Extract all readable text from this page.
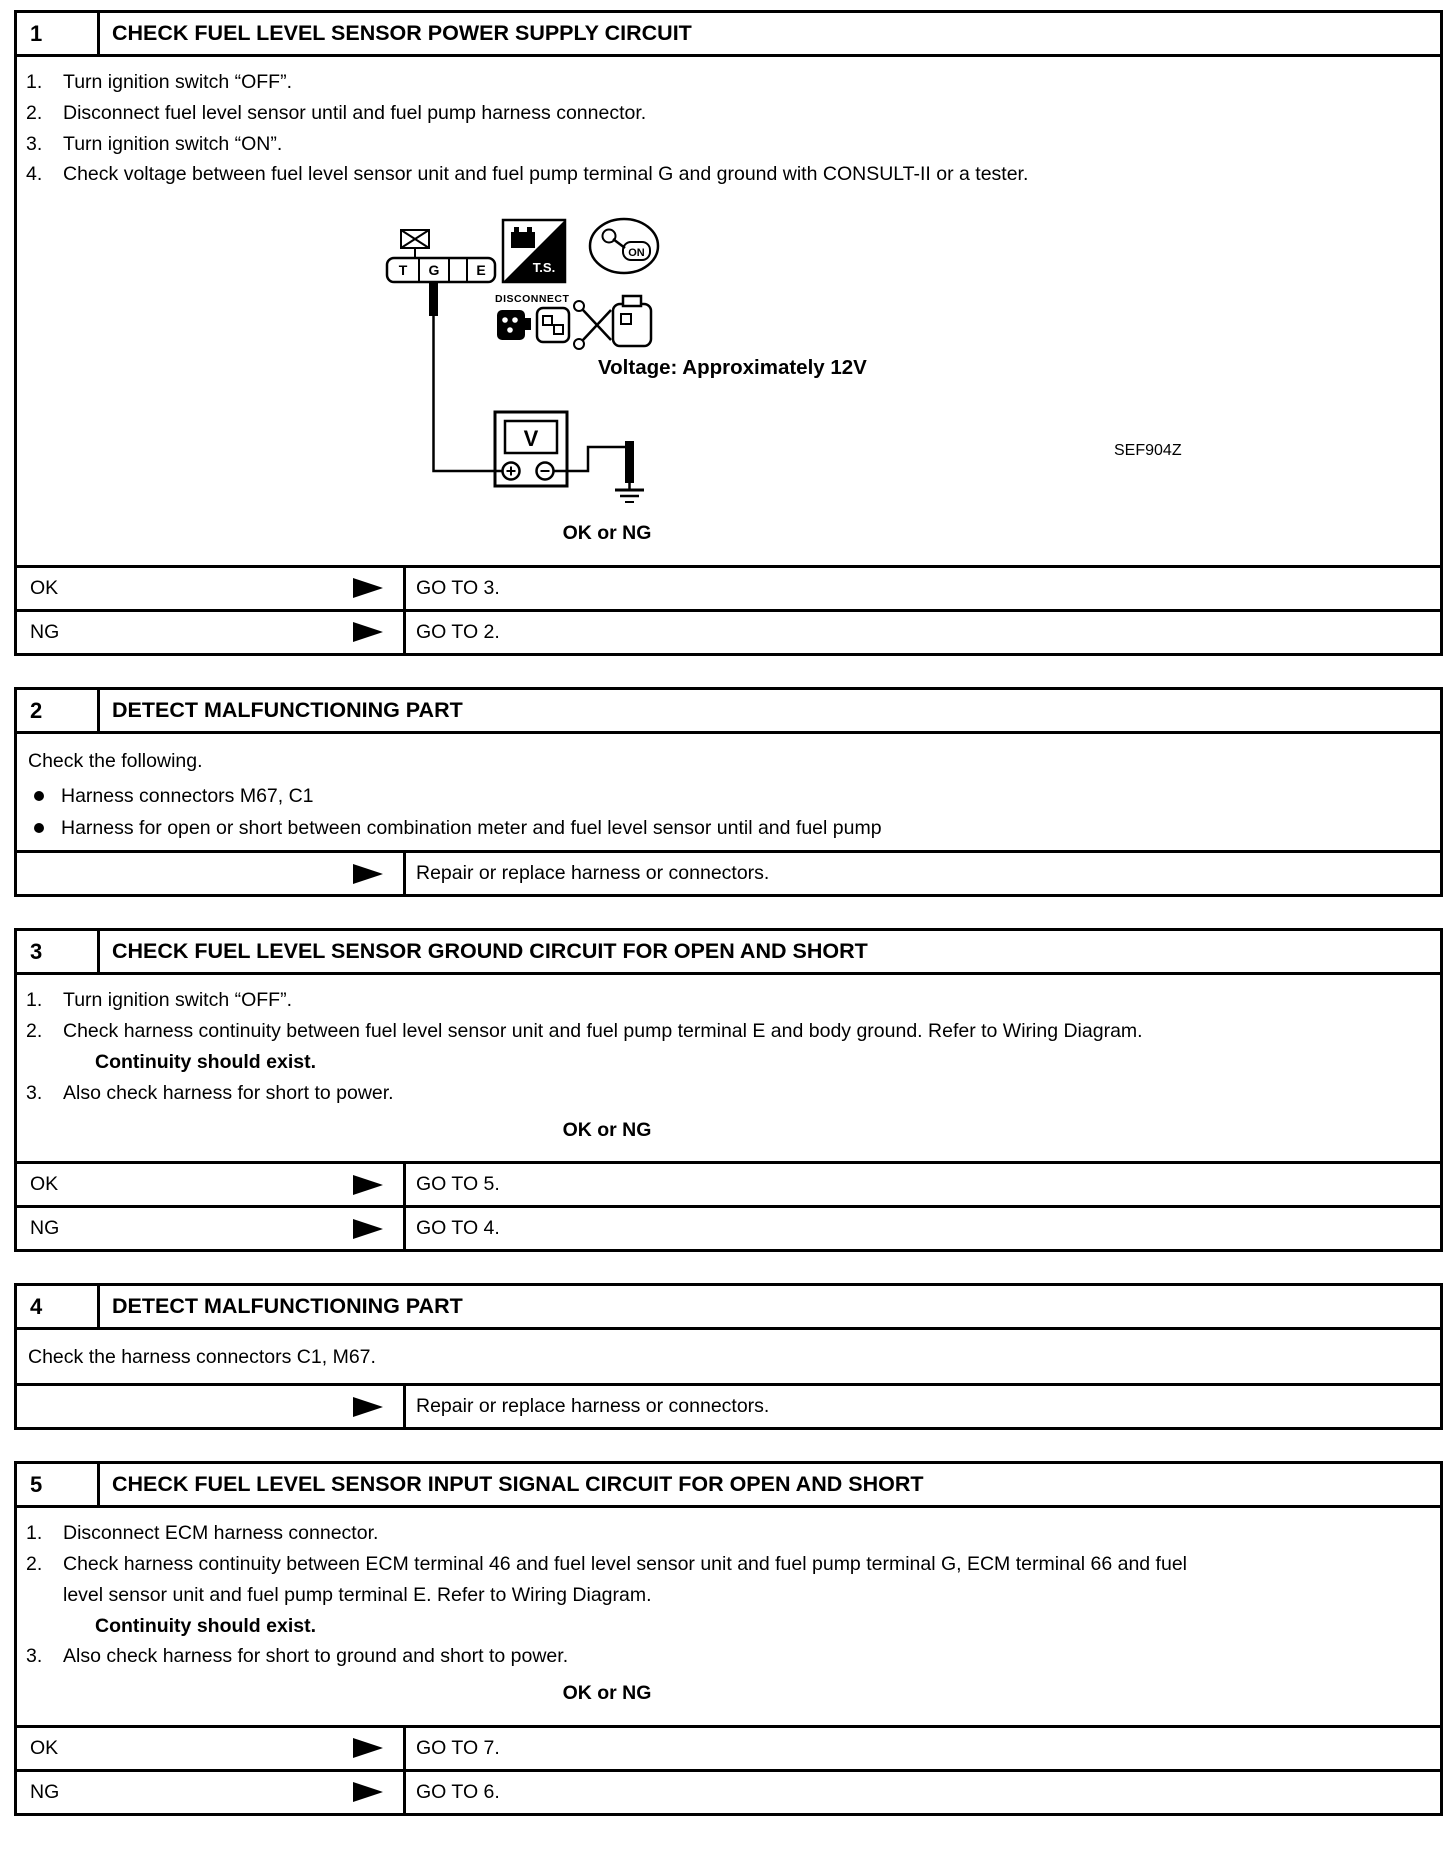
1	CHECK FUEL LEVEL SENSOR POWER SUPPLY CIRCUIT
1.	Turn ignition switch “OFF”.
2.	Disconnect fuel level sensor until and fuel pump harness connector.
3.	Turn ignition switch “ON”.
4.	Check voltage between fuel level sensor unit and fuel pump terminal G and ground with CONSULT-II or a tester.
T G	E	T.S.
ON
DISCONNECT
V
Voltage: Approximately 12V
SEF904Z
OK or NG
OK	GO TO 3.
NG	GO TO 2.
2	DETECT MALFUNCTIONING PART
Check the following.
Harness connectors M67, C1
Harness for open or short between combination meter and fuel level sensor until and fuel pump
Repair or replace harness or connectors.
3	CHECK FUEL LEVEL SENSOR GROUND CIRCUIT FOR OPEN AND SHORT
1.	Turn ignition switch “OFF”.
2.	Check harness continuity between fuel level sensor unit and fuel pump terminal E and body ground. Refer to Wiring Diagram.
Continuity should exist.
3.	Also check harness for short to power.
OK or NG
OK	GO TO 5.
NG	GO TO 4.
4	DETECT MALFUNCTIONING PART
Check the harness connectors C1, M67.
Repair or replace harness or connectors.
5	CHECK FUEL LEVEL SENSOR INPUT SIGNAL CIRCUIT FOR OPEN AND SHORT
1.	Disconnect ECM harness connector.
2.	Check harness continuity between ECM terminal 46 and fuel level sensor unit and fuel pump terminal G, ECM terminal 66 and fuel level sensor unit and fuel pump terminal E. Refer to Wiring Diagram.
Continuity should exist.
3.	Also check harness for short to ground and short to power.
OK or NG
OK	GO TO 7.
NG	GO TO 6.
